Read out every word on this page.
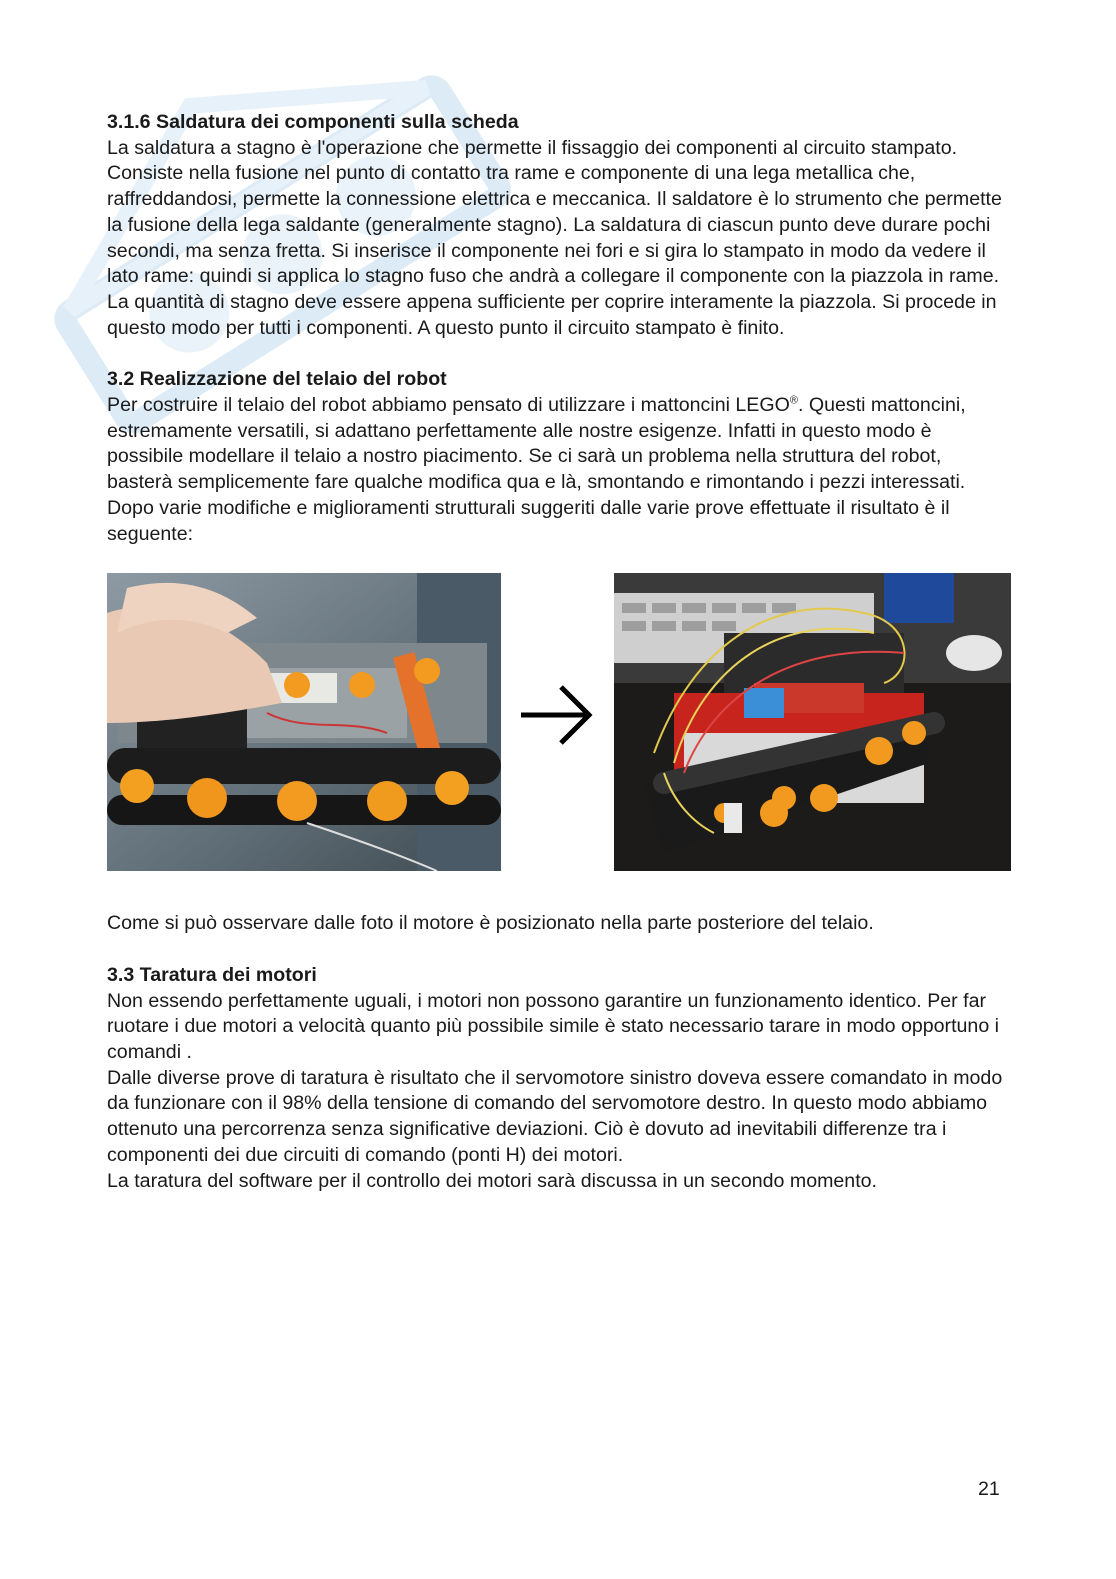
3.1.6 Saldatura dei componenti sulla scheda

La saldatura a stagno è l'operazione che permette il fissaggio dei componenti al circuito stampato. Consiste nella fusione nel punto di contatto tra rame e componente di una lega metallica che, raffreddandosi, permette la connessione elettrica e meccanica. Il saldatore è lo strumento che permette la fusione della lega saldante (generalmente stagno). La saldatura di ciascun punto deve durare pochi secondi, ma senza fretta. Si inserisce il componente nei fori e si gira lo stampato in modo da vedere il lato rame: quindi si applica lo stagno fuso che andrà a collegare il componente con la piazzola in rame. La quantità di stagno deve essere appena sufficiente per coprire interamente la piazzola. Si procede in questo modo per tutti i componenti. A questo punto il circuito stampato è finito.

3.2 Realizzazione del telaio del robot

Per costruire il telaio del robot abbiamo pensato di utilizzare i mattoncini LEGO®. Questi mattoncini, estremamente versatili, si adattano perfettamente alle nostre esigenze. Infatti in questo modo è possibile modellare il telaio a nostro piacimento. Se ci sarà un problema nella struttura del robot, basterà semplicemente fare qualche modifica qua e là, smontando e rimontando i pezzi interessati. Dopo varie modifiche e miglioramenti strutturali suggeriti dalle varie prove effettuate il risultato è il seguente:

Come si può osservare dalle foto il motore è posizionato nella parte posteriore del telaio.

3.3 Taratura dei motori

Non essendo perfettamente uguali, i motori non possono garantire un funzionamento identico. Per far ruotare i due motori a velocità quanto più possibile simile è stato necessario tarare in modo opportuno i comandi .

Dalle diverse prove di taratura è risultato che il servomotore sinistro doveva essere comandato in modo da funzionare con il 98% della tensione di comando del servomotore destro. In questo modo abbiamo ottenuto una percorrenza senza significative deviazioni. Ciò è dovuto ad inevitabili differenze tra i componenti dei due circuiti di comando (ponti H) dei motori.

La taratura del software per il controllo dei motori sarà discussa in un secondo momento.

21
